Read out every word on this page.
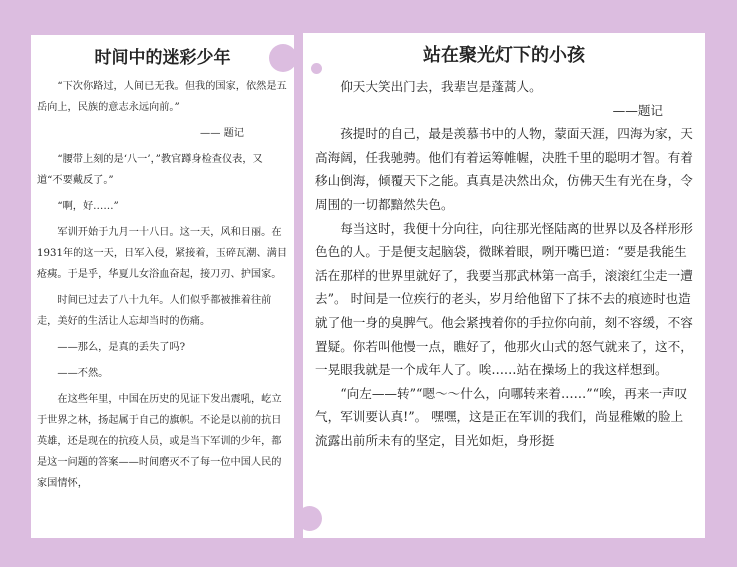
时间中的迷彩少年

“下次你路过，人间已无我。但我的国家，依然是五岳向上，民族的意志永远向前。”

—— 题记

“腰带上刻的是‘八一’，”教官蹲身检查仪表，又道“不要戴反了。”

“啊，好……”

军训开始于九月一十八日。这一天，风和日丽。在1931年的这一天，日军入侵，紧接着，玉碎瓦潮、满目疮痍。于是乎，华夏儿女浴血奋起，接刀刃、护国家。

时间已过去了八十九年。人们似乎都被推着往前走，美好的生活让人忘却当时的伤痛。

——那么，是真的丢失了吗?

——不然。

在这些年里，中国在历史的见证下发出震吼，屹立于世界之林，扬起属于自己的旗帜。不论是以前的抗日英雄，还是现在的抗疫人员，或是当下军训的少年，都是这一问题的答案——时间磨灭不了每一位中国人民的家国情怀，

站在聚光灯下的小孩

仰天大笑出门去，我辈岂是蓬蒿人。

——题记

孩提时的自己，最是羡慕书中的人物，蒙面天涯，四海为家，天高海阔，任我驰骋。他们有着运筹帷幄，决胜千里的聪明才智。有着移山倒海，倾覆天下之能。真真是决然出众，仿佛天生有光在身，令周围的一切都黯然失色。

每当这时，我便十分向往，向往那光怪陆离的世界以及各样形形色色的人。于是便支起脑袋，微眯着眼，咧开嘴巴道：“要是我能生活在那样的世界里就好了，我要当那武林第一高手，滚滚红尘走一遭去”。 时间是一位疾行的老头，岁月给他留下了抹不去的痕迹时也造就了他一身的臭脾气。他会紧拽着你的手拉你向前，刻不容缓，不容置疑。你若叫他慢一点，瞧好了，他那火山式的怒气就来了，这不，一晃眼我就是一个成年人了。唉……站在操场上的我这样想到。

“向左——转”“嗯～～什么，向哪转来着……”“唉，再来一声叹气，军训要认真!”。 嘿嘿，这是正在军训的我们，尚显稚嫩的脸上流露出前所未有的坚定，目光如炬，身形挺
